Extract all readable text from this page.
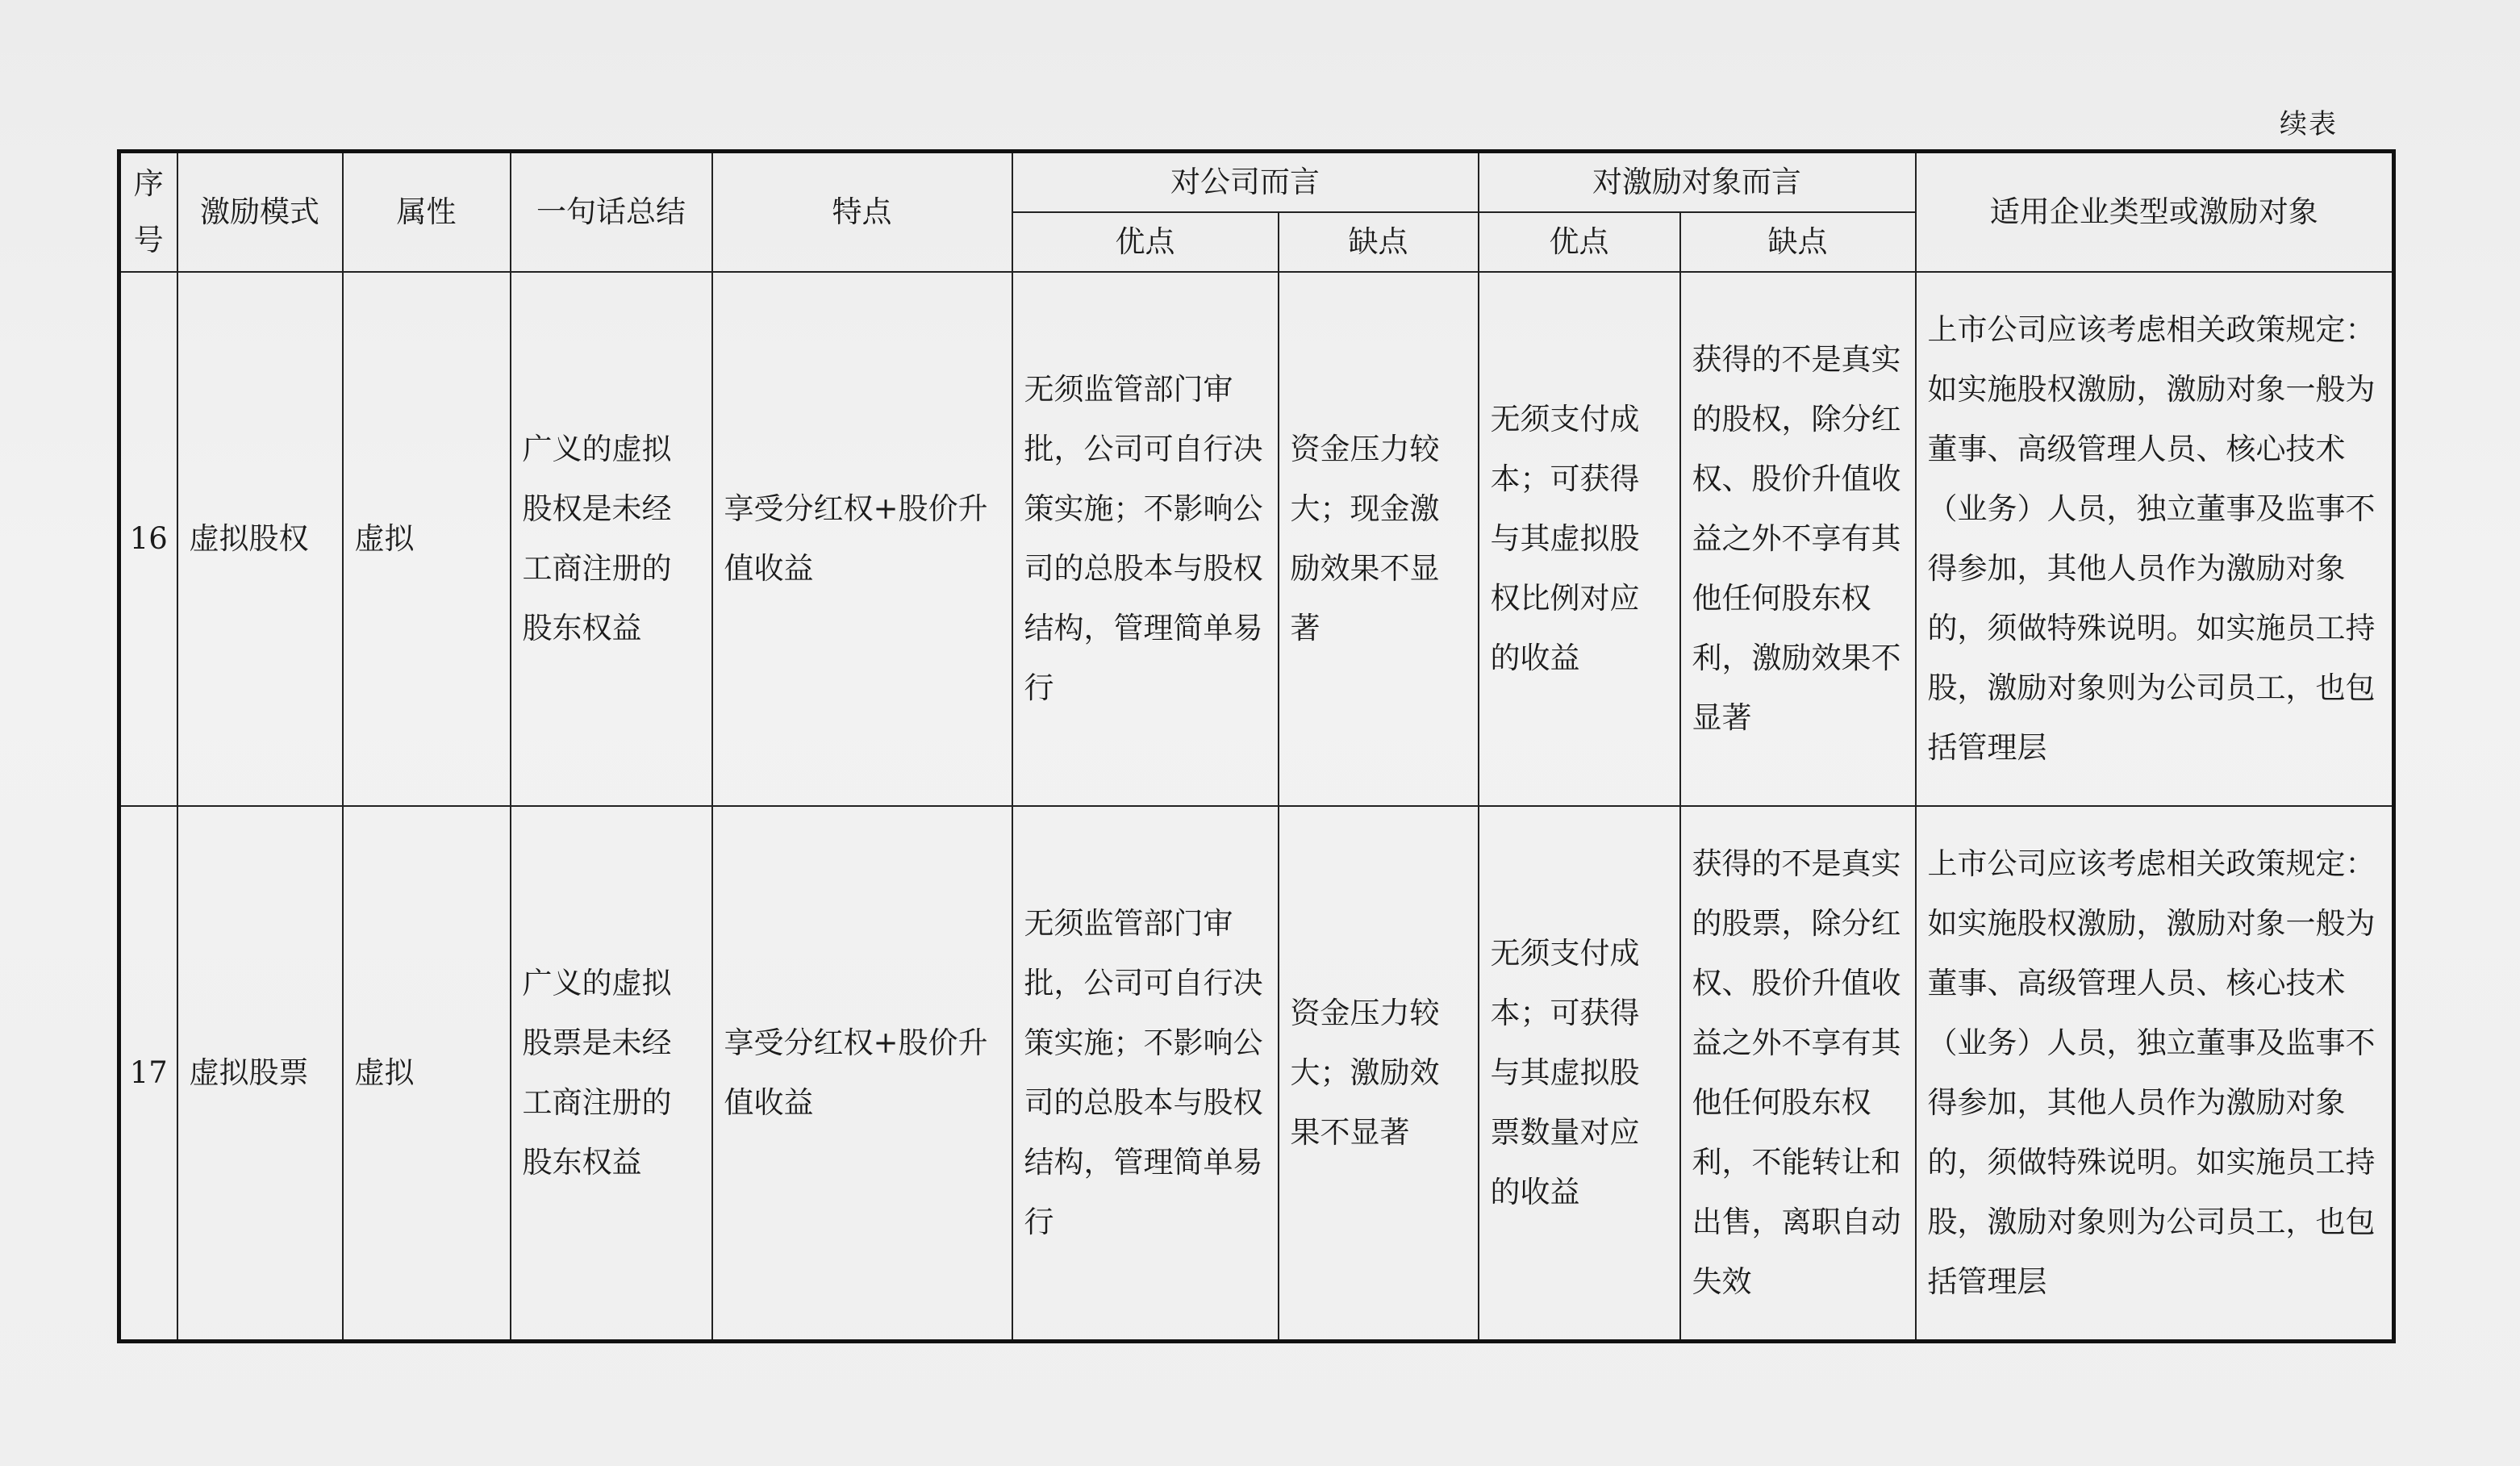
续表
序号	激励模式	属性	一句话总结	特点	对公司而言		对激励对象而言		适用企业类型或激励对象
					优点	缺点	优点	缺点	
16	虚拟股权	虚拟	广义的虚拟股权是未经工商注册的股东权益	享受分红权+股价升值收益	无须监管部门审批，公司可自行决策实施；不影响公司的总股本与股权结构，管理简单易行	资金压力较大；现金激励效果不显著	无须支付成本；可获得与其虚拟股权比例对应的收益	获得的不是真实的股权，除分红权、股价升值收益之外不享有其他任何股东权利，激励效果不显著	上市公司应该考虑相关政策规定：如实施股权激励，激励对象一般为董事、高级管理人员、核心技术（业务）人员，独立董事及监事不得参加，其他人员作为激励对象的，须做特殊说明。如实施员工持股，激励对象则为公司员工，也包括管理层
17	虚拟股票	虚拟	广义的虚拟股票是未经工商注册的股东权益	享受分红权+股价升值收益	无须监管部门审批，公司可自行决策实施；不影响公司的总股本与股权结构，管理简单易行	资金压力较大；激励效果不显著	无须支付成本；可获得与其虚拟股票数量对应的收益	获得的不是真实的股票，除分红权、股价升值收益之外不享有其他任何股东权利，不能转让和出售，离职自动失效	上市公司应该考虑相关政策规定：如实施股权激励，激励对象一般为董事、高级管理人员、核心技术（业务）人员，独立董事及监事不得参加，其他人员作为激励对象的，须做特殊说明。如实施员工持股，激励对象则为公司员工，也包括管理层
